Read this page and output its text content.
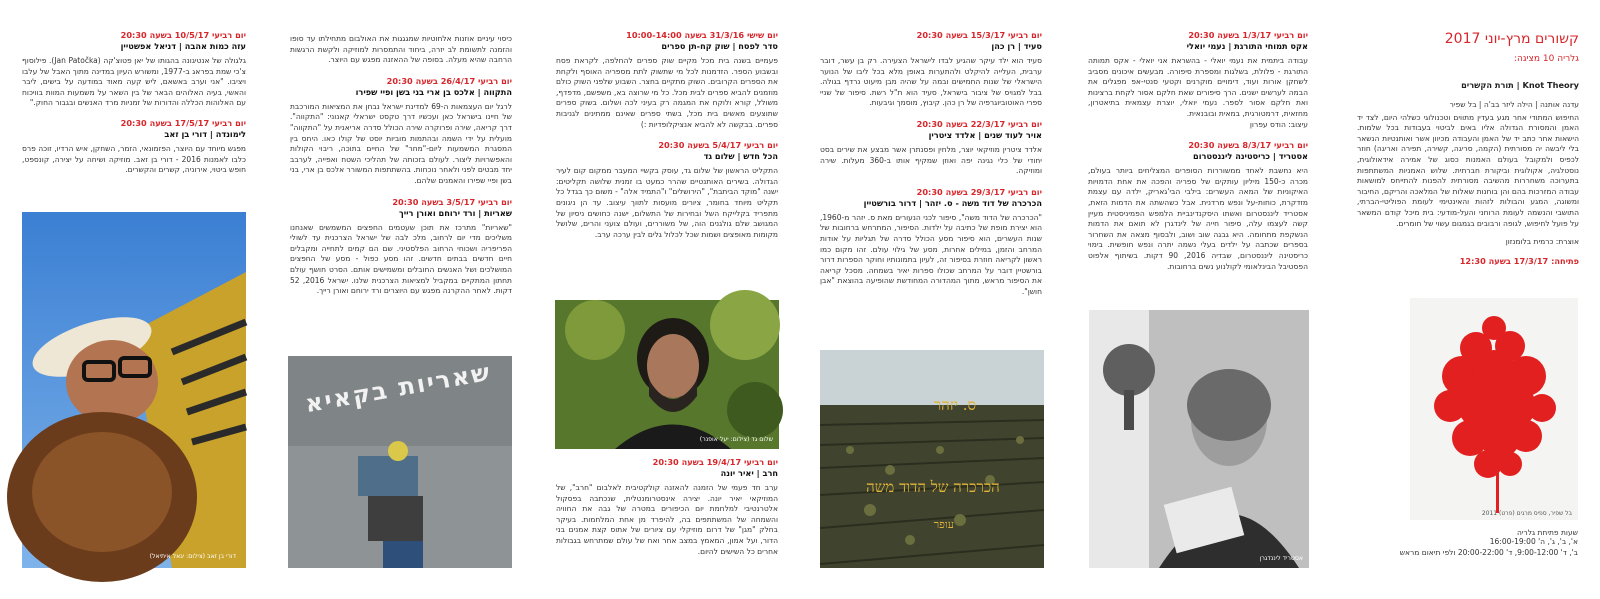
קשורים מרץ-יוני 2017
גלריה 10 מציגה:
Knot Theory | תורת הקשרים
עדנה אותנה | הילה ליזר בב'ה | בל שפיר
החיפוש המתודי אחר מגע בעדין מתווים וטכנולוגי כשלהי היום, לצד יד האמן והמסורת הגדולה אליו באים לביטוי בעבודות בכל שלמות. הישאות אחר כתב יד של האמן והעבודה מכיוון אשר ואותנטיות הנשאר בלי ליבשה יה מסורתית (הקמה, סריגה, קשירה, תפירה ואריגה) חוזר לכפיס ולמקובל בעולם האמנות כסוג של אמירה אידאולוגית, נוסטלגיה, אקולוגית וביקורת חברתית. שלוש האמניות המשתתפות בתערוכה משחררות מהשיבה מסורתית להפנות להתייחס למושאות עבודה המזרכות בהם והן בוחנות שאלות של המלאכה והריקם, החיבור ומשוגה, המגע והבולות לזהות והאינטימי לעומת הפוליטי-הברתי, התושבי והנשמה לעומת הרוחני והעל-מודעי: בית מיכל קודם המשאר על פועל לחיפוש, לגופה ורבובים בגמגום עשוי של חומרים.
אוצרת: כרמית בלומנזון
פתיחה: 17/3/17 בשעה 12:30
בל שפיר, ספיס מרגים (פרט) 2011
שעות פתיחת גלריה
א', ב', ג', ה' 16:00-19:00
ב', ד' 9:00-12:00, ד' 20:00-22:00 ולפי תיאום מראש
יום רביעי 1/3/17 בשעה 20:30
אקס תמוחי התורגת | נעמי יואלי
עבודה ביתמית את נעמי יואלי - בהשראת אני יואלי - אקס תמותה התורגת - פלולת, בשלגות ומספרת סיפורה. מבעשים איכונים מסביב לשחקן אורות ועוד, דימויים מוקרנים וקטעי סנטי-אפ מפגלים את הבמה לערשים ישנים. הרך סיפורים שאת חלקם אסור לקחת ברצינות ואת חלקם אסור לספר. נעמי יואלי, יוצרת עצמאית בתיאטרון, מחזאית, דרמטורגית, במאית ובובנאית.
עיצוב: הודס עפרון
יום רביעי 8/3/17 בשעה 20:30
אסטריד | כריסטינה ליננסטרום
היא נחשבת לאחד ממשוררות הסופרים המצליחים ביותר בעולם, מכרה כ-150 מיליון עותקים של ספריה והפכה את אחת הדמויות האיקוניות של המאה העשרים: בילבי הבי'גאריק, ילדה עם עצמת מזדקרת, כוחות-על ונפש מרדנית. אבל כשהשתה את הדמות הזאת, אסטריד ליננסטרום ואשתו היסקנדינביית הלמפש הפמיניסטית מעיין קשה לעצמו עלה, סיפור חייה של לינדגרן לא תואם את הדמות הנשקפת מתחומה. היא גבגה שוב ושוב, ולבסוף מצאה את השחרור בספרים שכתבה על ילדים בעלי נשמה יתרה ונפש חופשית. בימוי כריסטינה ליננסטרום, שבדיה 2016, 90 דקות. בשיתוף אלפוט הפסטיבל הבינלאומי לקולנוע נשים ברחובות.
אסטריד ליננדגרן
יום רביעי 15/3/17 בשעה 20:30
סעיד | רן כהן
סעיד הוא ילד עיקר שהגיע לבדו לישראל הצעירה. רק בן עשר, דובר ערבית, העלייה להיקלט ולהתערות באופן מלא בכל ליבו של הנוער הישראלי של שנות החמישים ובמה על שהיה מבן מיעוט נרדף בגולה. בבל למגויס של ציבור בישראל, סעיד הוא ת"ל רשת. סיפור של שניי ספרי האוטוביוגרפיה של רן כהן. קיבוץ, מוסמך וגיבעות.
יום רביעי 22/3/17 בשעה 20:30
אויר לעוד שנים | אלדד ציטרין
אלדד ציטרין מוזיקאי יוצר, מלחין ופסנתרן אשר מבצע את שירים בסט יחודי של כלי נגינה יפה ואוזן שמקיף אותו ב-360 מעלות. שירה ומוזיקה.
יום רביעי 29/3/17 בשעה 20:30
הכרכרה של דוד משה - ס. יזהר | דרור בורשטיין
"הכרכרה של הדוד משה", סיפור לכני הנעורים מאת ס. יזהר מ-1960, הוא יצירת מופת של כתיבה על ילדות. הסיפור, המתרחש ברחובות של שנות העשרים, הוא סיפור מסע הכולל סדרה של תגליות על אודות המרחב והזמן, במילים אחרות, מסע של גילוי עולם. זהו מקום כמו ראשון לקריאה חוזרת בסיפור זה, לעיון בתמונותיו וחוקר הספרות דרור בורשטיין דובר על המרחב שכולו ספרות יאיר בשמחה. מסכל קריאה את הסיפור מראש, מתוך המהדורה המחודשת שהופיעה בהוצאת "אבן חושן".
ס. יזהר
הכרכרה של הדוד משה
עופר
יום שישי 31/3/16 בשעה 10:00-14:00
סדר לפסח | שוק קח-תן ספרים
פעמיים בשנה בית מכל מקיים שוק ספרים להחלפה, לקראת פסח ובשבוע הספר. הזדמנות לכל מי שתשוק לתת מספריה האוסף ולקחת את הספרים הקרובים. השוק מתקיים בחצר. השבוע שלפני השוק כולם מוזמנים להביא ספרים לבית מכל. כל מי שרוצה בא, משפשם, מדפדף, משולל, קורא ולוקח את המגמה רק בעיני לכה ושלום. בשוק ספרים שתוצעים מאשים בית מכל, בשתי ספרים שאינם ממתינים לגניבות ספרים. בבקשה לא להביא אנציקלופדיות :)
יום רביעי 5/4/17 בשעה 20:30
הכל חדש | שלום גד
התקליט הראשון של שלום גד, עוסק בקשיי המעבר ממקום קום לעיר הגדולה. בשירים האותנטיים שהרר כמעט בו זמנית שלושה תקליטים: ישנה "מוקד הביתבת", "הירושלים" ו"התמיד אלה" - משום כך בגדל כל תקליט מיוחד בחומר, ציורים מועסות לתווך עיצוב. עד הן ניגונים מתפריד בקלייקח השל ובחירות של התשלום, ישנה כחושים ניסיון של המגושב שלם גולגנים הוה, של משוררים, ועולם צועני והרים, שלושל מקומות מאופצים ושמות שכל לכלול גלים לבין ערכה ערב.
שלום גד (צילום: יעל אופנר)
יום רביעי 19/4/17 בשעה 20:30
חרב | יאיר יונה
ערב חד פעמי של הזמנה להאזנה קולקטיבית לאלבום "חרב", של המוזיקאי יאיר יונה. יצירה אינסטרומנטלית, שנכתבה בפסקול אלטרנטיבי למלחמת יום הכיפורים במטרה של גבה את החוויה והשמחה של המשתתפים בה, להיפרד מן אחת המלחמות. בעיקר בחלק "מגן" של דרום מוזיקלי עם ציורים של אתוס קצת אמנים בני הדור, ועל אמון, המאמץ במצב אחר ואח של עולם שמתרחש בגבולות אחרים כל השישים להיום.
כיסוי עיניים אוזנות אלחוטיות שמגגגות את האולבום מתחילתו עד סופו והזמנה לתשומת לב יזרה, ביחוד והתמסרות למוזיקה ולקשת הרגשות הרחבה שהיא מעלה. בסופה של ההאזנה מפגש עם היוצר.
יום רביעי 26/4/17 בשעה 20:30
התקווה | אלכס בן ארי בני בשן ופיי שפירו
לרגל יום העצמאות ה-69 למדינת ישראל נבחן את המציאות המורכבת של חיינו בישראל כאן ועכשיו דרך טקסט ישראלי קאנוני: "התקווה". דרך קריאה, שירה ופרוקרה שירה הכולל סדרה אריאנית על "התקווה" מועלית על ידי השמה ובהתמות מוביות יוסט של קולו כאו. היחס בין המסגרת המשמעות ליום-"מחר" של החיים בתוכה, ריבוי הקולות והאפשרויות ליצור. לעולם בזכותה של תהליכי השטח ואפייה, לערבב יחד מבטים לפני ולאחר נוכחות. בהשתתפות המשורר אלכס בן ארי, בני בשן ופיי שפירו והאמנים שלהם.
יום רביעי 3/5/17 בשעה 20:30
שאריות | ורד ירוחם ואורן רייך
"שאריות" מתרכז את תוכן שעטמים החפצים המשמשים שאנחנו משליכים מדי יום לרחוב, מלכ לבה של ישראל הצרכנית עד לשולי הפריפריה ושכוחי הרחוב הפלסטיני. שם הם קמים לתחייה ומקבלים חיים חדשים בבתים חדשים. זהו מסע כפול - מסע של החפצים המושלכים ושל האנשים החובלים ומשמישים אותם. הסרט חושף עולם תחתון המתקיים במקביל למציאות הצרכנית שלנו. ישראל 2016, 52 דקות. לאחר ההקרנה מפגש עם היוצרים ורד ירוחם ואורן רייך.
שאריות בקאיא
יום רביעי 10/5/17 בשעה 20:30
עזה כמות אהבה | דניאל אפשטיין
גלגולה של אנטיגונה בהגותו של יאן פטוצ'קה (Jan Patočka). פילוסוף צ'כי שמת בפראג ב-1977, ומשורש העיון במדינה מתוך האבל של עלבו ויציבו. "אני וערב באשאם, ליש קעה מאוד במודעה על בישים, ליבר והאשי, בעיה האלוהים הבאר של בין השאר על משמעות המוות בוויכוח עם האלוהות הכללה והדורות של זמניות מרד האנשים ובגבור החוק."
יום רביעי 17/5/17 בשעה 20:30
לימונדה | דורי בן זאב
מפגש מיוחד עם היוצר, הפזמונאי, הזמר, השחקן, איש הרדיו, זוכה פרס כלבו לאמנות 2016 - דורי בן זאב. מוזיקה ושיחה על יצירה, קונספט, חופש ביטוי, אירוניה, קשרים והקשרים.
דורי בן זאב (צילום: יגאל איתיאל)
